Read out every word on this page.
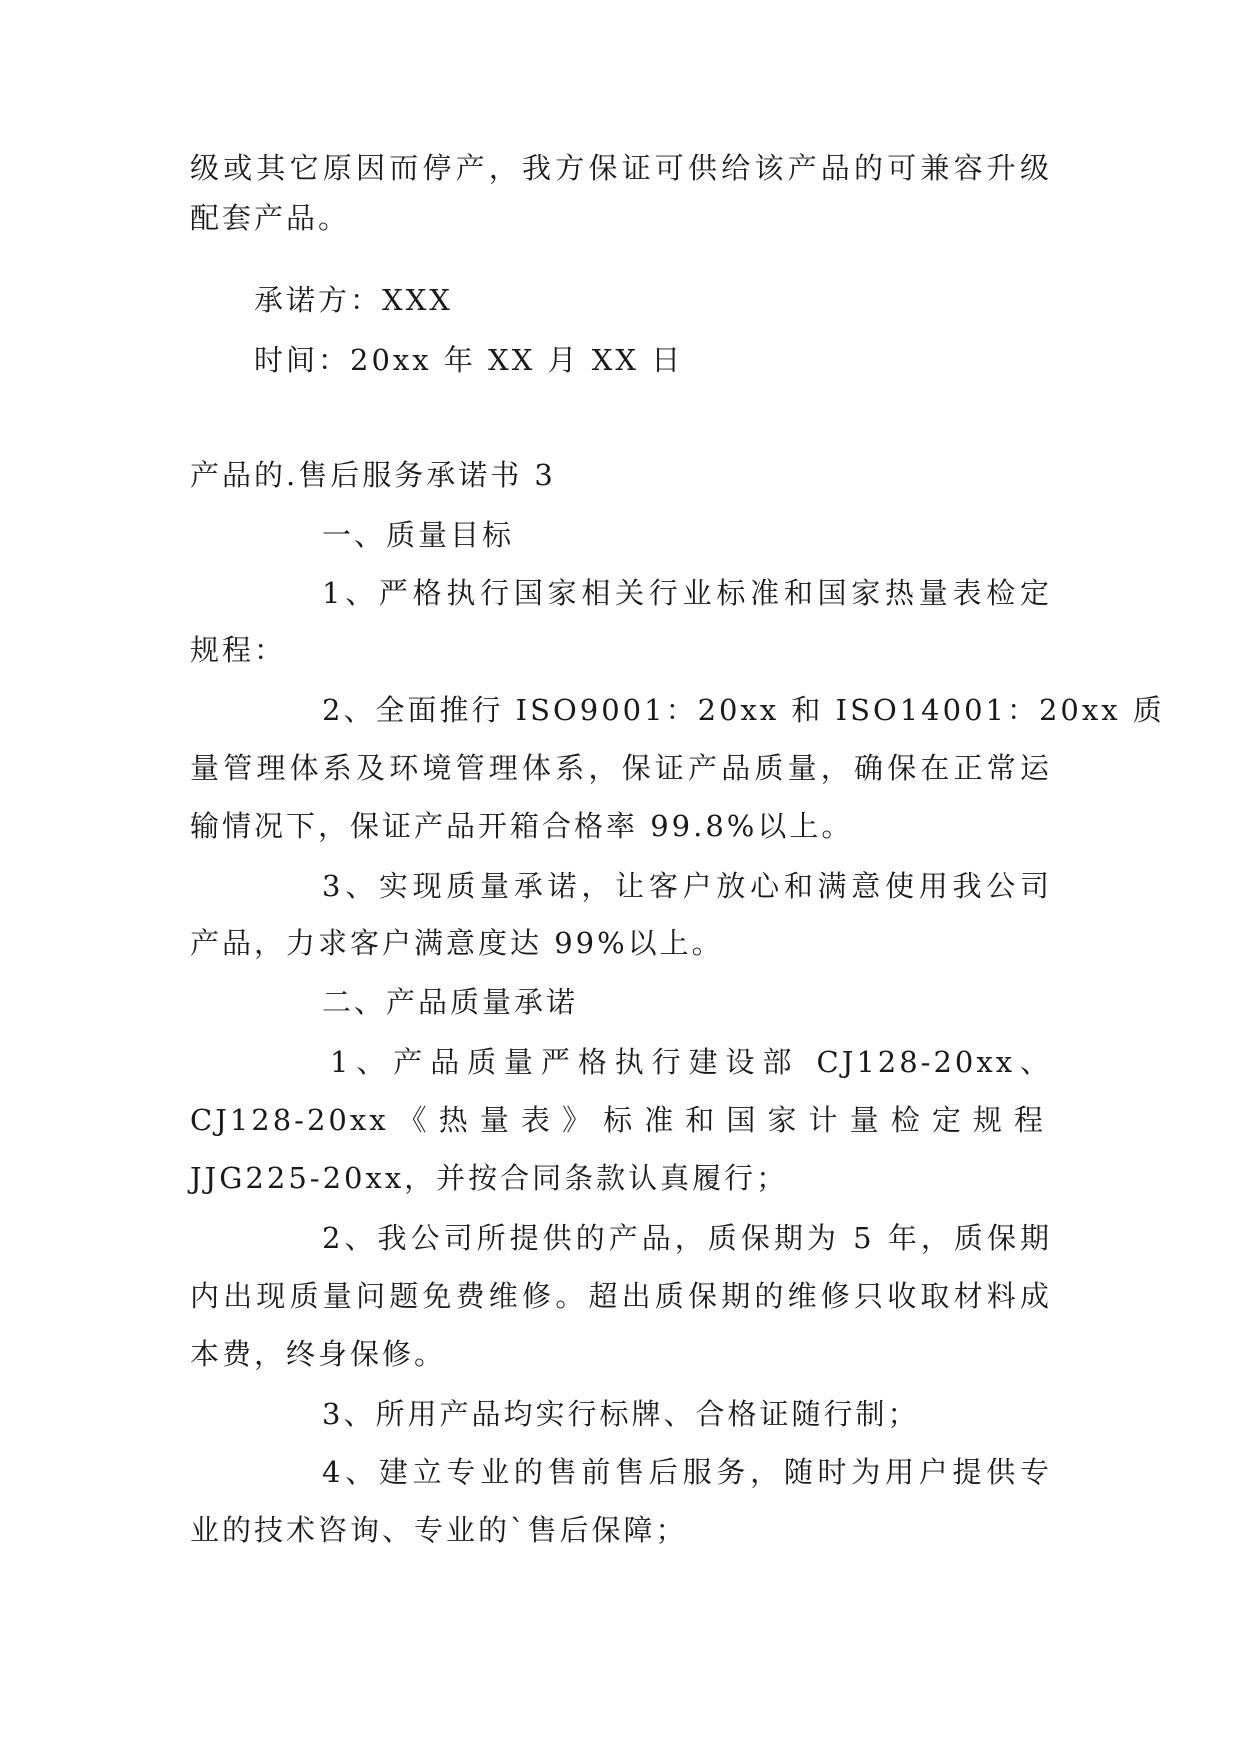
级或其它原因而停产，我方保证可供给该产品的可兼容升级
配套产品。
承诺方：XXX
时间：20xx 年 XX 月 XX 日
产品的.售后服务承诺书 3
一、质量目标
1、严格执行国家相关行业标准和国家热量表检定
规程：
2、全面推行 ISO9001：20xx 和 ISO14001：20xx 质
量管理体系及环境管理体系，保证产品质量，确保在正常运
输情况下，保证产品开箱合格率 99.8%以上。
3、实现质量承诺，让客户放心和满意使用我公司
产品，力求客户满意度达 99%以上。
二、产品质量承诺
1、产品质量严格执行建设部 CJ128-20xx、
CJ128-20xx《热量表》标准和国家计量检定规程
JJG225-20xx，并按合同条款认真履行；
2、我公司所提供的产品，质保期为 5 年，质保期
内出现质量问题免费维修。超出质保期的维修只收取材料成
本费，终身保修。
3、所用产品均实行标牌、合格证随行制；
4、建立专业的售前售后服务，随时为用户提供专
业的技术咨询、专业的`售后保障；
